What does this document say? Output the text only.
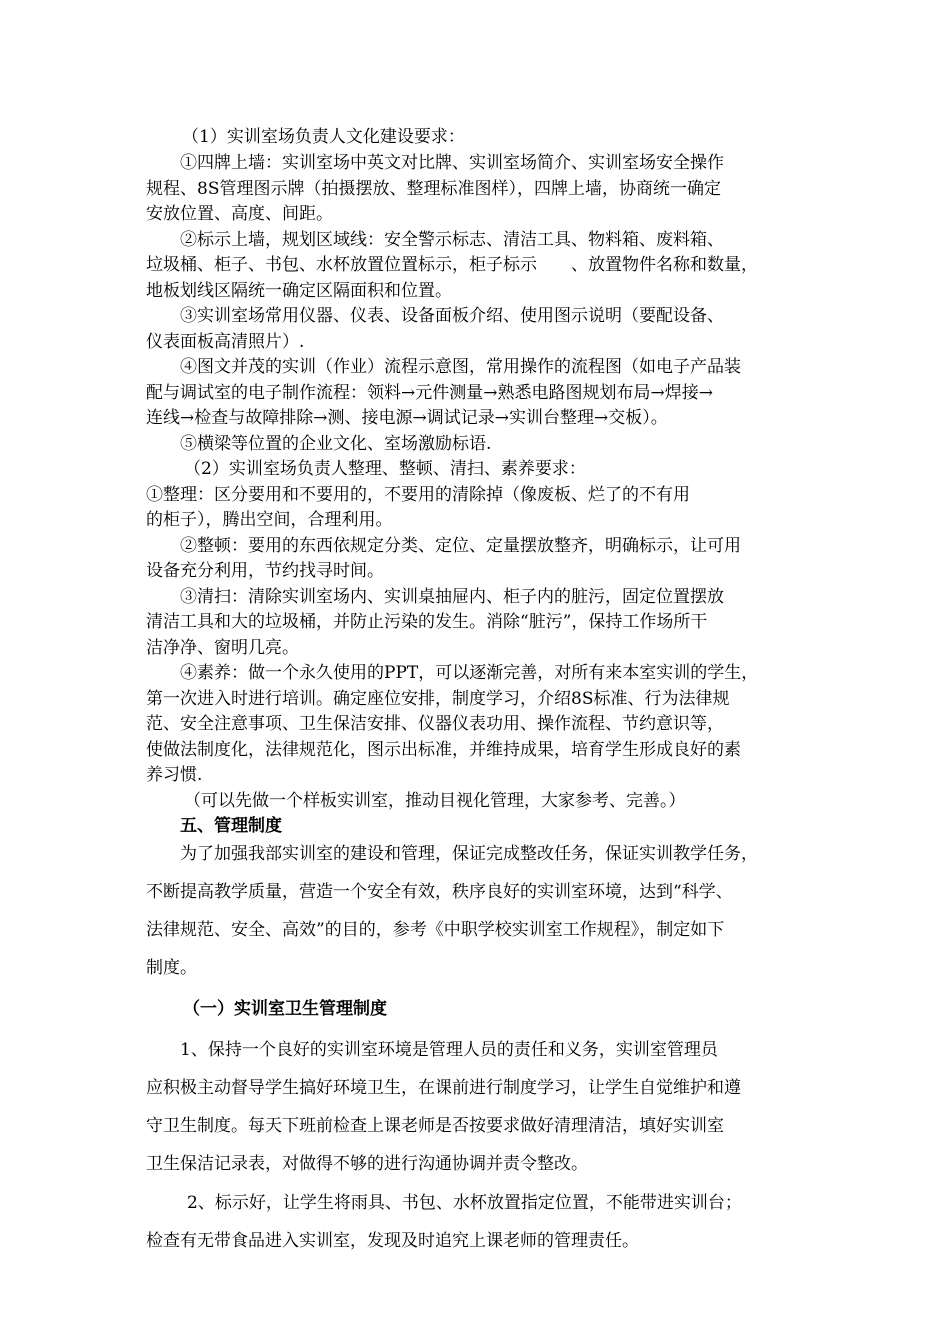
（1）实训室场负责人文化建设要求：
①四牌上墙：实训室场中英文对比牌、实训室场简介、实训室场安全操作
规程、8S管理图示牌（拍摄摆放、整理标准图样），四牌上墙，协商统一确定
安放位置、高度、间距。
②标示上墙，规划区域线：安全警示标志、清洁工具、物料箱、废料箱、
垃圾桶、柜子、书包、水杯放置位置标示，柜子标示　　、放置物件名称和数量，
地板划线区隔统一确定区隔面积和位置。
③实训室场常用仪器、仪表、设备面板介绍、使用图示说明（要配设备、
仪表面板高清照片）.
④图文并茂的实训（作业）流程示意图，常用操作的流程图（如电子产品装
配与调试室的电子制作流程：领料→元件测量→熟悉电路图规划布局→焊接→
连线→检查与故障排除→测、接电源→调试记录→实训台整理→交板）。
⑤横梁等位置的企业文化、室场激励标语.
（2）实训室场负责人整理、整顿、清扫、素养要求：
①整理：区分要用和不要用的，不要用的清除掉（像废板、烂了的不有用
的柜子），腾出空间，合理利用。
②整顿：要用的东西依规定分类、定位、定量摆放整齐，明确标示，让可用
设备充分利用，节约找寻时间。
③清扫：清除实训室场内、实训桌抽屉内、柜子内的脏污，固定位置摆放
清洁工具和大的垃圾桶，并防止污染的发生。消除“脏污”，保持工作场所干
洁净净、窗明几亮。
④素养：做一个永久使用的PPT，可以逐渐完善，对所有来本室实训的学生，
第一次进入时进行培训。确定座位安排，制度学习，介绍8S标准、行为法律规
范、安全注意事项、卫生保洁安排、仪器仪表功用、操作流程、节约意识等，
使做法制度化，法律规范化，图示出标准，并维持成果，培育学生形成良好的素
养习惯.
（可以先做一个样板实训室，推动目视化管理，大家参考、完善。）
五、管理制度
为了加强我部实训室的建设和管理，保证完成整改任务，保证实训教学任务，
不断提高教学质量，营造一个安全有效，秩序良好的实训室环境，达到“科学、
法律规范、安全、高效”的目的，参考《中职学校实训室工作规程》，制定如下
制度。
（一）实训室卫生管理制度
1、保持一个良好的实训室环境是管理人员的责任和义务，实训室管理员
应积极主动督导学生搞好环境卫生，在课前进行制度学习，让学生自觉维护和遵
守卫生制度。每天下班前检查上课老师是否按要求做好清理清洁，填好实训室
卫生保洁记录表，对做得不够的进行沟通协调并责令整改。
2、标示好，让学生将雨具、书包、水杯放置指定位置，不能带进实训台；
检查有无带食品进入实训室，发现及时追究上课老师的管理责任。
